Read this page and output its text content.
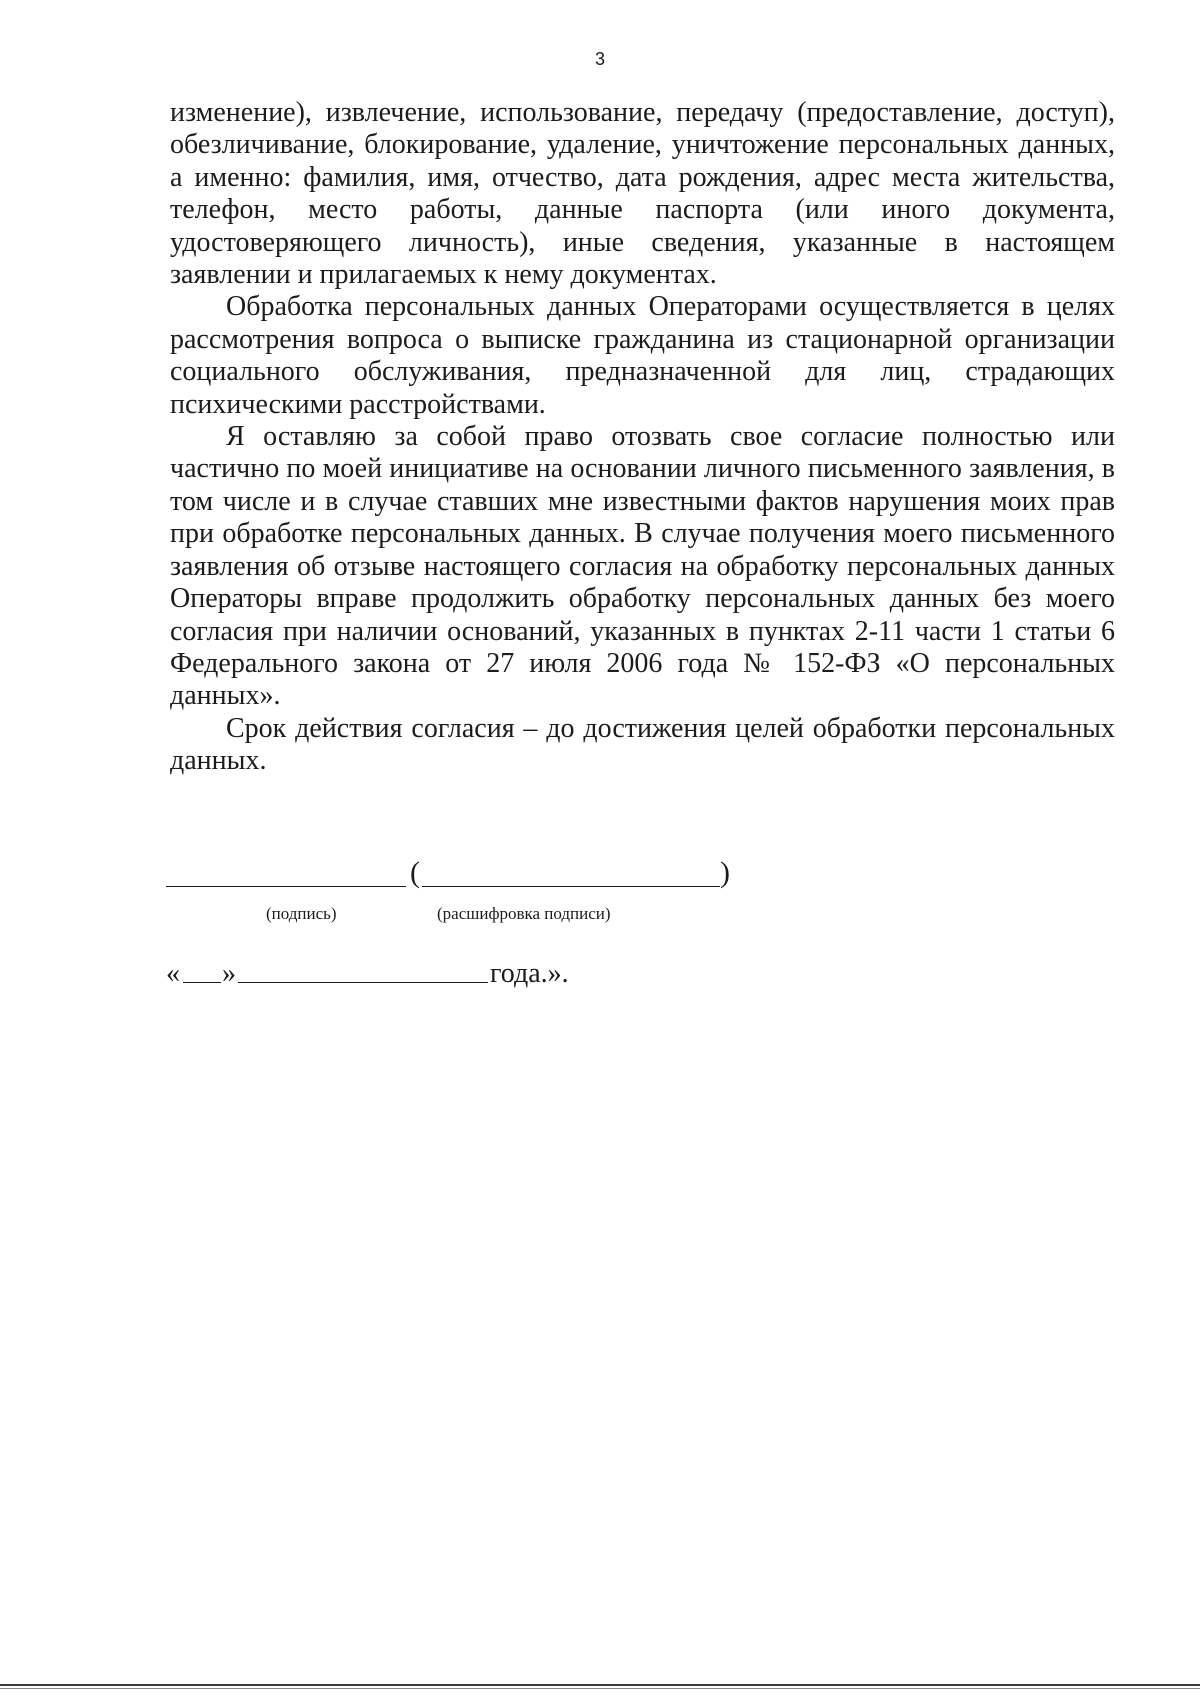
3

изменение), извлечение, использование, передачу (предоставление, доступ), обезличивание, блокирование, удаление, уничтожение персональных данных, а именно: фамилия, имя, отчество, дата рождения, адрес места жительства, телефон, место работы, данные паспорта (или иного документа, удостоверяющего личность), иные сведения, указанные в настоящем заявлении и прилагаемых к нему документах.

Обработка персональных данных Операторами осуществляется в целях рассмотрения вопроса о выписке гражданина из стационарной организации социального обслуживания, предназначенной для лиц, страдающих психическими расстройствами.

Я оставляю за собой право отозвать свое согласие полностью или частично по моей инициативе на основании личного письменного заявления, в том числе и в случае ставших мне известными фактов нарушения моих прав при обработке персональных данных. В случае получения моего письменного заявления об отзыве настоящего согласия на обработку персональных данных Операторы вправе продолжить обработку персональных данных без моего согласия при наличии оснований, указанных в пунктах 2-11 части 1 статьи 6 Федерального закона от 27 июля 2006 года № 152-ФЗ «О персональных данных».

Срок действия согласия – до достижения целей обработки персональных данных.

(	)
(подпись)	(расшифровка подписи)
« »	года.».
